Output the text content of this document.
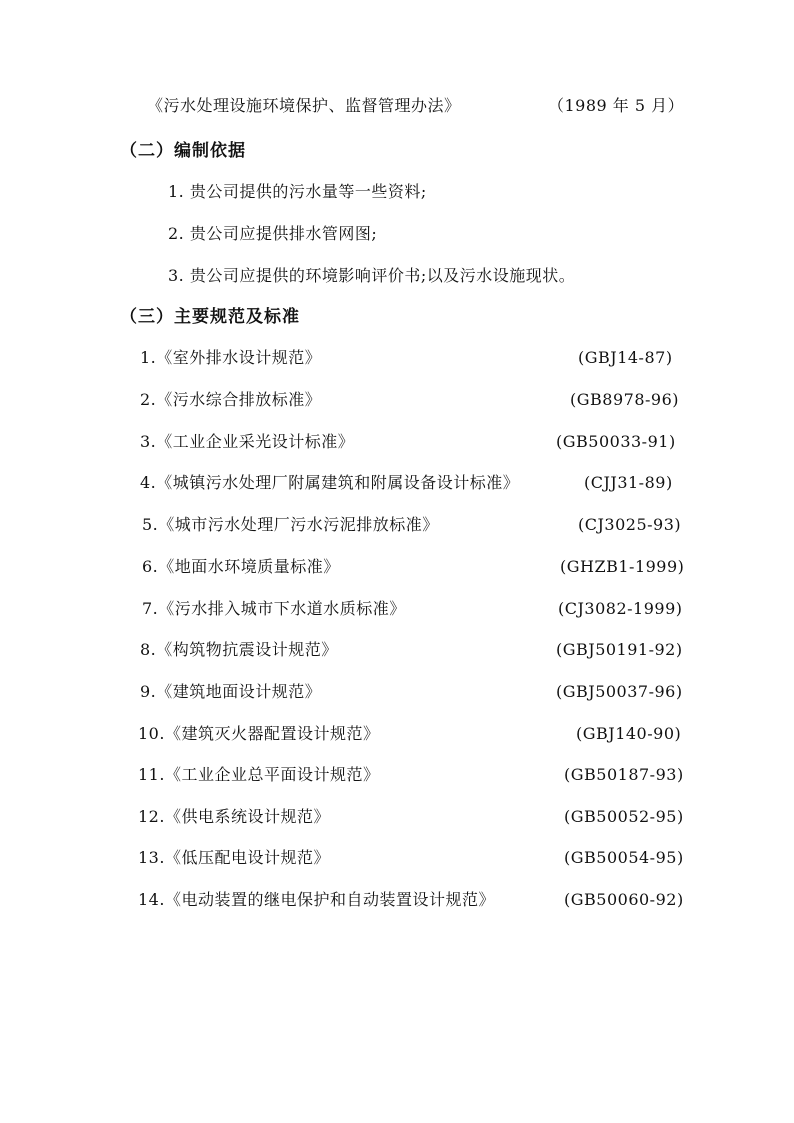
《污水处理设施环境保护、监督管理办法》	（1989 年 5 月）
（二）编制依据
1. 贵公司提供的污水量等一些资料;
2. 贵公司应提供排水管网图;
3. 贵公司应提供的环境影响评价书;以及污水设施现状。
（三）主要规范及标准
1.《室外排水设计规范》	(GBJ14-87)
2.《污水综合排放标准》	(GB8978-96)
3.《工业企业采光设计标准》	(GB50033-91)
4.《城镇污水处理厂附属建筑和附属设备设计标准》	(CJJ31-89)
5.《城市污水处理厂污水污泥排放标准》	(CJ3025-93)
6.《地面水环境质量标准》	(GHZB1-1999)
7.《污水排入城市下水道水质标准》	(CJ3082-1999)
8.《构筑物抗震设计规范》	(GBJ50191-92)
9.《建筑地面设计规范》	(GBJ50037-96)
10.《建筑灭火器配置设计规范》	(GBJ140-90)
11.《工业企业总平面设计规范》	(GB50187-93)
12.《供电系统设计规范》	(GB50052-95)
13.《低压配电设计规范》	(GB50054-95)
14.《电动装置的继电保护和自动装置设计规范》	(GB50060-92)
